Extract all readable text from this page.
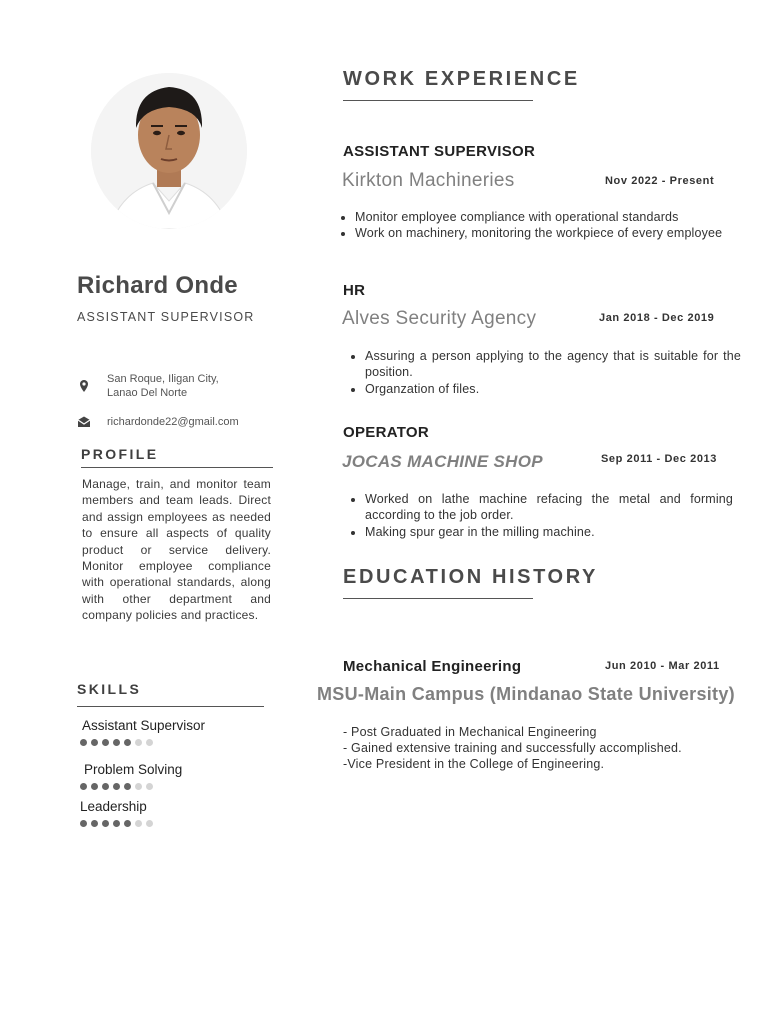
Richard Onde
ASSISTANT SUPERVISOR
San Roque, Iligan City,
Lanao Del Norte
richardonde22@gmail.com
PROFILE
Manage, train, and monitor team members and team leads. Direct and assign employees as needed to ensure all aspects of quality product or service delivery. Monitor employee compliance with operational standards, along with other department and company policies and practices.
SKILLS
Assistant Supervisor
Problem Solving
Leadership
WORK EXPERIENCE
ASSISTANT SUPERVISOR
Kirkton Machineries	Nov 2022 - Present
• Monitor employee compliance with operational standards
• Work on machinery, monitoring the workpiece of every employee
HR
Alves Security Agency	Jan 2018 - Dec 2019
• Assuring a person applying to the agency that is suitable for the position.
• Organzation of files.
OPERATOR
JOCAS MACHINE SHOP	Sep 2011 - Dec 2013
• Worked on lathe machine refacing the metal and forming according to the job order.
• Making spur gear in the milling machine.
EDUCATION HISTORY
Mechanical Engineering	Jun 2010 - Mar 2011
MSU-Main Campus (Mindanao State University)
- Post Graduated in Mechanical Engineering
- Gained extensive training and successfully accomplished.
-Vice President in the College of Engineering.
